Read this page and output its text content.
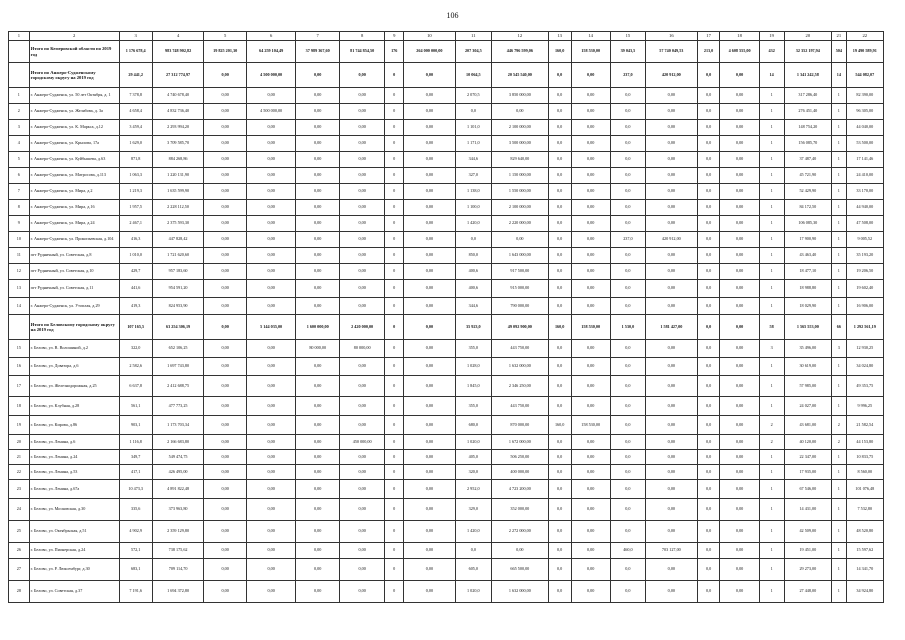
106
1	2	3	4	5	6	7	8	9	10	11	12	13	14	15	16	17	18	19	20	21	22
	Итого по Кемеровской области по 2019 год	1 176 678,4	983 748 902,82	19 825 201,30	64 259 104,49	37 989 367,60	81 744 854,50	176	264 000 000,00	207 304,5	446 796 599,06	160,0	158 530,00	39 043,5	57 740 049,53	213,0	4 608 555,00	432	32 352 197,94	504	19 490 589,91
	Итого по Анжеро-Судженскому городскому округу на 2019 год	29 441,2	27 312 774,97	0,00	4 500 000,00	0,00	0,00	0	0,00	10 064,5	20 545 540,00	0,0	0,00	237,0	420 912,00	0,0	0,00	14	1 341 242,58	14	544 082,07
1	г. Анжеро-Судженск, ул. 50 лет Октября, д. 1	7 378,8	4 740 678,40	0,00	0,00	0,00	0,00	0	0,00	2 070,5	3 850 000,00	0,0	0,00	0,0	0,00	0,0	0,00	1	317 286,40	1	82 390,00
2	г. Анжеро-Судженск, ул. Желябова, д. 3а	4 658,4	4 832 736,40	0,00	4 500 000,00	0,00	0,00	0	0,00	0,0	0,00	0,0	0,00	0,0	0,00	0,0	0,00	1	276 451,40	1	96 305,00
3	г. Анжеро-Судженск, ул. К. Маркса, д.12	3 459,4	2 293 994,20	0,00	0,00	0,00	0,00	0	0,00	1 101,0	2 100 000,00	0,0	0,00	0,0	0,00	0,0	0,00	1	148 754,20	1	44 040,00
4	г. Анжеро-Судженск, ул. Крылова, 17а	1 629,0	3 709 585,70	0,00	0,00	0,00	0,00	0	0,00	1 171,0	3 500 000,00	0,0	0,00	0,0	0,00	0,0	0,00	1	156 085,70	1	53 500,00
5	г. Анжеро-Судженск, ул. Куйбышева, д.63	871,8	884 268,86	0,00	0,00	0,00	0,00	0	0,00	344,6	829 640,00	0,0	0,00	0,0	0,00	0,0	0,00	1	37 487,40	1	17 141,46
6	г. Анжеро-Судженск, ул. Матросова, д.113	1 063,3	1 220 131,90	0,00	0,00	0,00	0,00	0	0,00	327,0	1 150 000,00	0,0	0,00	0,0	0,00	0,0	0,00	1	45 721,90	1	24 410,00
7	г. Анжеро-Судженск, ул. Мира, д.2	1 219,3	1 635 599,90	0,00	0,00	0,00	0,00	0	0,00	1 138,0	1 550 000,00	0,0	0,00	0,0	0,00	0,0	0,00	1	52 429,90	1	33 170,00
8	г. Анжеро-Судженск, ул. Мира, д.16	1 957,5	2 228 112,50	0,00	0,00	0,00	0,00	0	0,00	1 100,0	2 100 000,00	0,0	0,00	0,0	0,00	0,0	0,00	1	84 172,50	1	44 940,00
9	г. Анжеро-Судженск, ул. Мира, д.24	2 467,1	2 375 593,30	0,00	0,00	0,00	0,00	0	0,00	1 420,0	2 220 000,00	0,0	0,00	0,0	0,00	0,0	0,00	1	106 085,30	1	47 508,00
10	г. Анжеро-Судженск, ул. Прокопьевская, д.104	416,3	447 828,42	0,00	0,00	0,00	0,00	0	0,00	0,0	0,00	0,0	0,00	237,0	420 912,00	0,0	0,00	1	17 900,90	1	9 005,52
11	пгт Рудничный, ул. Советская, д.8	1 010,0	1 721 620,60	0,00	0,00	0,00	0,00	0	0,00	850,0	1 643 000,00	0,0	0,00	0,0	0,00	0,0	0,00	1	43 463,40	1	35 193,20
12	пгт Рудничный, ул. Советская, д.10	429,7	957 183,60	0,00	0,00	0,00	0,00	0	0,00	400,6	917 500,00	0,0	0,00	0,0	0,00	0,0	0,00	1	18 477,10	1	19 206,50
13	пгт Рудничный, ул. Советская, д.11	441,6	954 591,20	0,00	0,00	0,00	0,00	0	0,00	400,6	915 000,00	0,0	0,00	0,0	0,00	0,0	0,00	1	18 988,80	1	19 602,40
14	г. Анжеро-Судженск, ул. Утоплая, д.29	419,3	824 953,90	0,00	0,00	0,00	0,00	0	0,00	344,6	790 000,00	0,0	0,00	0,0	0,00	0,0	0,00	1	18 029,90	1	16 906,00
	Итого по Беловскому городскому округу на 2019 год	107 165,5	63 254 306,19	0,00	5 144 035,00	1 600 000,00	2 420 000,00	0	0,00	35 923,0	49 092 900,00	160,0	158 530,00	1 530,0	1 581 427,00	0,0	0,00	58	1 565 553,00	66	1 292 561,19
15	г. Белово, ул. В. Волошиной, д.2	322,0	652 106,25	0,00	0,00	80 000,00	80 000,00	0	0,00	355,0	443 750,00	0,0	0,00	0,0	0,00	0,0	0,00	3	35 496,00	3	12 930,25
16	г. Белово, ул. Доватора, д.6	2 582,6	1 697 743,80	0,00	0,00	0,00	0,00	0	0,00	1 028,0	1 632 000,00	0,0	0,00	0,0	0,00	0,0	0,00	1	30 619,00	1	34 024,80
17	г. Белово, ул. Железнодорожная, д.25	6 637,8	2 412 688,75	0,00	0,00	0,00	0,00	0	0,00	1 845,0	2 346 250,00	0,0	0,00	0,0	0,00	0,0	0,00	1	57 985,00	1	49 353,75
18	г. Белово, ул. Клубная, д.28	561,1	477 773,25	0,00	0,00	0,00	0,00	0	0,00	355,0	443 750,00	0,0	0,00	0,0	0,00	0,0	0,00	1	24 027,00	1	9 996,25
19	г. Белово, ул. Кирова, д.86	903,1	1 173 703,34	0,00	0,00	0,00	0,00	0	0,00	680,0	870 000,00	160,0	158 530,00	0,0	0,00	0,0	0,00	2	43 681,00	2	21 582,54
20	г. Белово, ул. Ленина, д.6	1 116,8	2 166 683,80	0,00	0,00	0,00	450 000,00	0	0,00	1 020,0	1 672 000,00	0,0	0,00	0,0	0,00	0,0	0,00	2	40 120,00	2	44 153,80
21	г. Белово, ул. Ленина, д.24	349,7	549 474,75	0,00	0,00	0,00	0,00	0	0,00	405,0	506 250,00	0,0	0,00	0,0	0,00	0,0	0,00	1	22 347,00	1	10 833,75
22	г. Белово, ул. Ленина, д.53	417,1	426 495,00	0,00	0,00	0,00	0,00	0	0,00	320,0	400 000,00	0,0	0,00	0,0	0,00	0,0	0,00	1	17 935,00	1	8 560,00
23	г. Белово, ул. Ленина, д.67а	10 473,3	4 891 822,48	0,00	0,00	0,00	0,00	0	0,00	2 952,0	4 723 200,00	0,0	0,00	0,0	0,00	0,0	0,00	1	67 546,00	1	101 076,48
24	г. Белово, ул. Московская, д.30	335,6	373 963,80	0,00	0,00	0,00	0,00	0	0,00	329,0	352 000,00	0,0	0,00	0,0	0,00	0,0	0,00	1	14 431,00	1	7 532,80
25	г. Белово, ул. Октябрьская, д.51	4 902,9	2 359 129,80	0,00	0,00	0,00	0,00	0	0,00	1 420,0	2 272 000,00	0,0	0,00	0,0	0,00	0,0	0,00	1	42 509,00	1	48 520,80
26	г. Белово, ул. Пионерская, д.24	572,1	738 175,62	0,00	0,00	0,00	0,00	0	0,00	0,0	0,00	0,0	0,00	460,0	703 127,00	0,0	0,00	1	19 451,00	1	15 597,62
27	г. Белово, ул. Р. Люксембург, д.30	683,1	709 114,70	0,00	0,00	0,00	0,00	0	0,00	605,0	665 500,00	0,0	0,00	0,0	0,00	0,0	0,00	1	29 273,00	1	14 341,70
28	г. Белово, ул. Советская, д.37	7 191,6	1 694 372,80	0,00	0,00	0,00	0,00	0	0,00	1 020,0	1 632 000,00	0,0	0,00	0,0	0,00	0,0	0,00	1	27 448,00	1	34 924,80
